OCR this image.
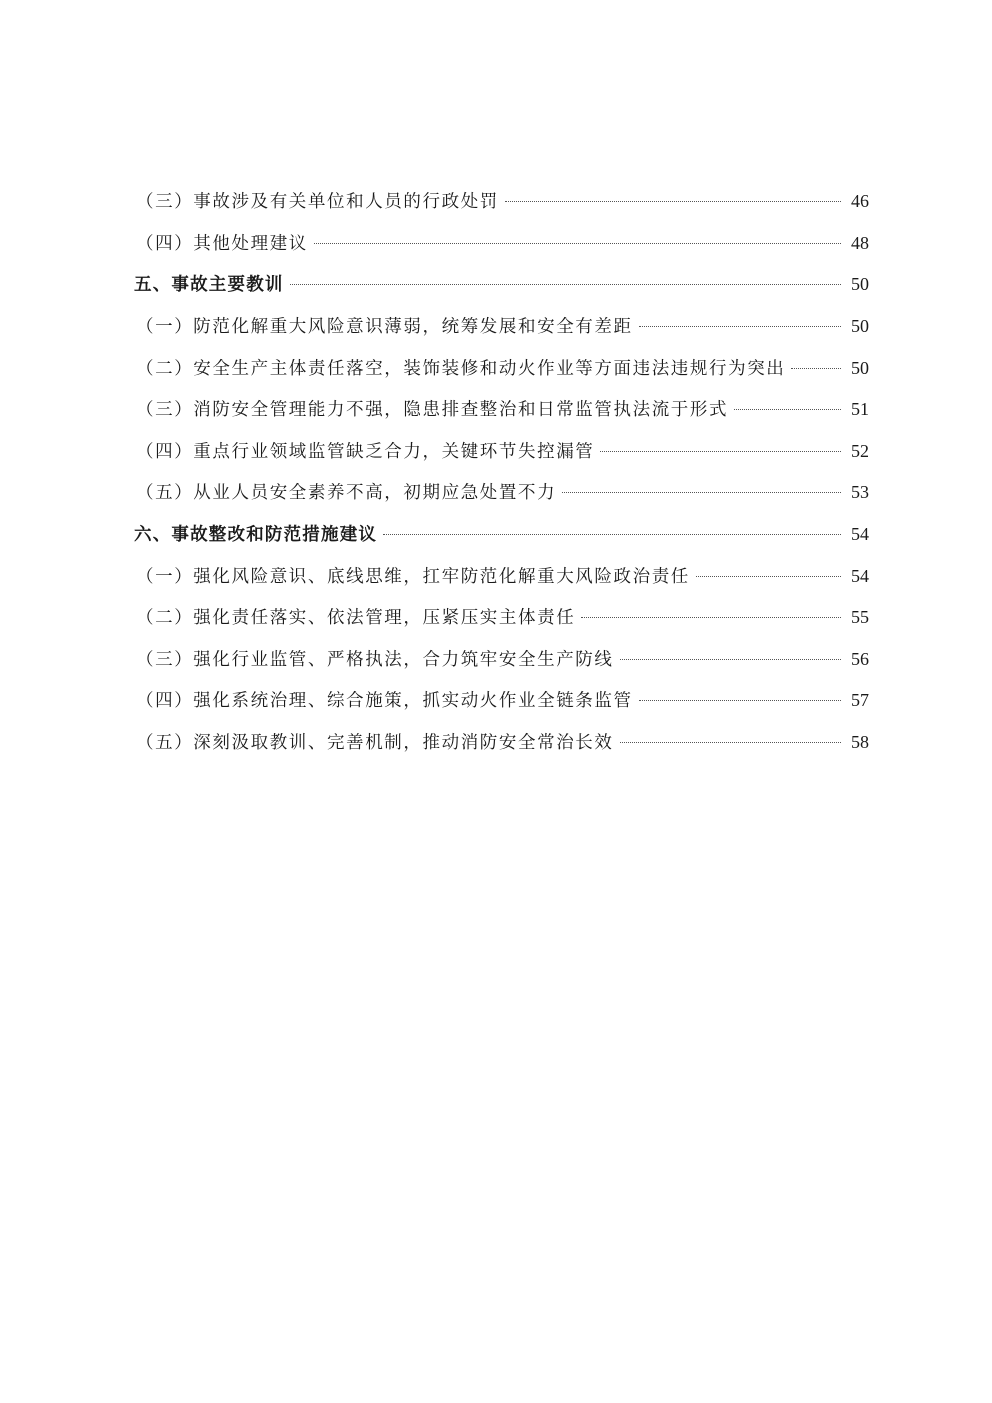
（三）事故涉及有关单位和人员的行政处罚	46
（四）其他处理建议	48
五、事故主要教训	50
（一）防范化解重大风险意识薄弱，统筹发展和安全有差距	50
（二）安全生产主体责任落空，装饰装修和动火作业等方面违法违规行为突出	50
（三）消防安全管理能力不强，隐患排查整治和日常监管执法流于形式	51
（四）重点行业领域监管缺乏合力，关键环节失控漏管	52
（五）从业人员安全素养不高，初期应急处置不力	53
六、事故整改和防范措施建议	54
（一）强化风险意识、底线思维，扛牢防范化解重大风险政治责任	54
（二）强化责任落实、依法管理，压紧压实主体责任	55
（三）强化行业监管、严格执法，合力筑牢安全生产防线	56
（四）强化系统治理、综合施策，抓实动火作业全链条监管	57
（五）深刻汲取教训、完善机制，推动消防安全常治长效	58
